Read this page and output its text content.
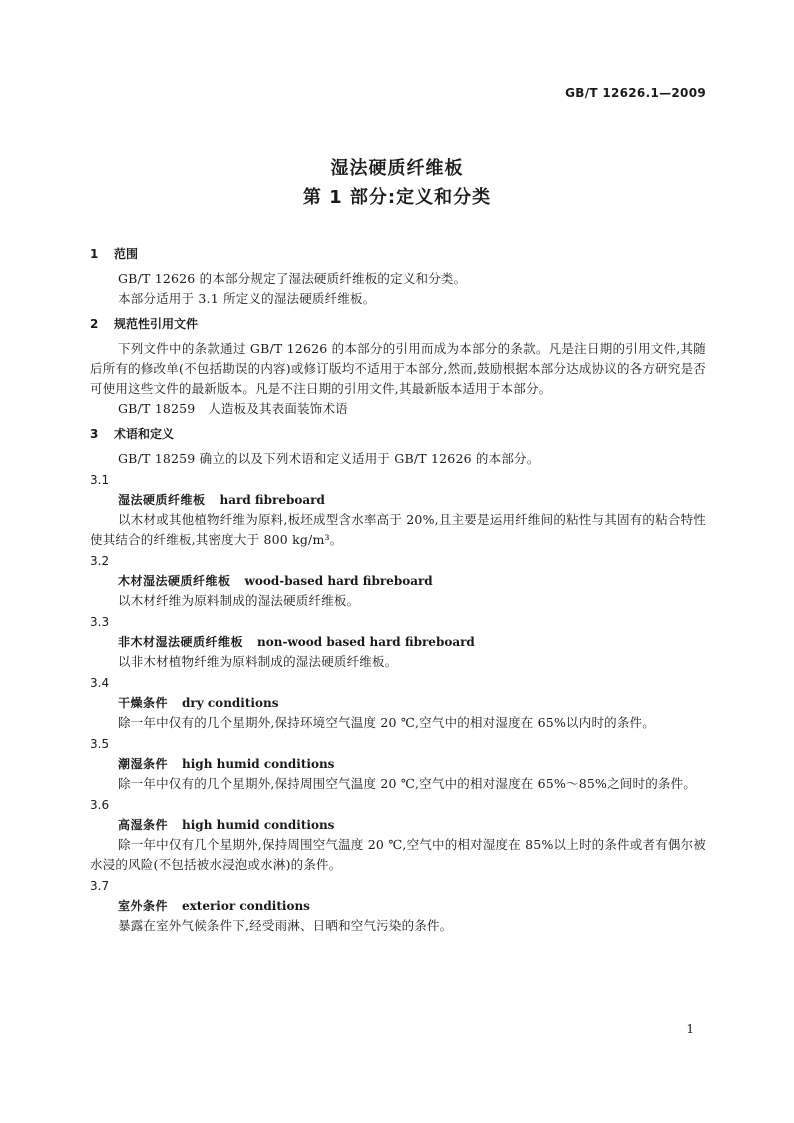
GB/T 12626.1—2009
湿法硬质纤维板
第 1 部分:定义和分类
1 范围

GB/T 12626 的本部分规定了湿法硬质纤维板的定义和分类。

本部分适用于 3.1 所定义的湿法硬质纤维板。

2 规范性引用文件

下列文件中的条款通过 GB/T 12626 的本部分的引用而成为本部分的条款。凡是注日期的引用文件,其随后所有的修改单(不包括勘误的内容)或修订版均不适用于本部分,然而,鼓励根据本部分达成协议的各方研究是否可使用这些文件的最新版本。凡是不注日期的引用文件,其最新版本适用于本部分。

GB/T 18259　人造板及其表面装饰术语

3 术语和定义

GB/T 18259 确立的以及下列术语和定义适用于 GB/T 12626 的本部分。

3.1
湿法硬质纤维板 hard fibreboard

以木材或其他植物纤维为原料,板坯成型含水率高于 20%,且主要是运用纤维间的粘性与其固有的粘合特性使其结合的纤维板,其密度大于 800 kg/m³。

3.2
木材湿法硬质纤维板 wood-based hard fibreboard

以木材纤维为原料制成的湿法硬质纤维板。

3.3
非木材湿法硬质纤维板 non-wood based hard fibreboard

以非木材植物纤维为原料制成的湿法硬质纤维板。

3.4
干燥条件 dry conditions

除一年中仅有的几个星期外,保持环境空气温度 20 ℃,空气中的相对湿度在 65%以内时的条件。

3.5
潮湿条件 high humid conditions

除一年中仅有的几个星期外,保持周围空气温度 20 ℃,空气中的相对湿度在 65%～85%之间时的条件。

3.6
高湿条件 high humid conditions

除一年中仅有几个星期外,保持周围空气温度 20 ℃,空气中的相对湿度在 85%以上时的条件或者有偶尔被水浸的风险(不包括被水浸泡或水淋)的条件。

3.7
室外条件 exterior conditions

暴露在室外气候条件下,经受雨淋、日晒和空气污染的条件。

1
